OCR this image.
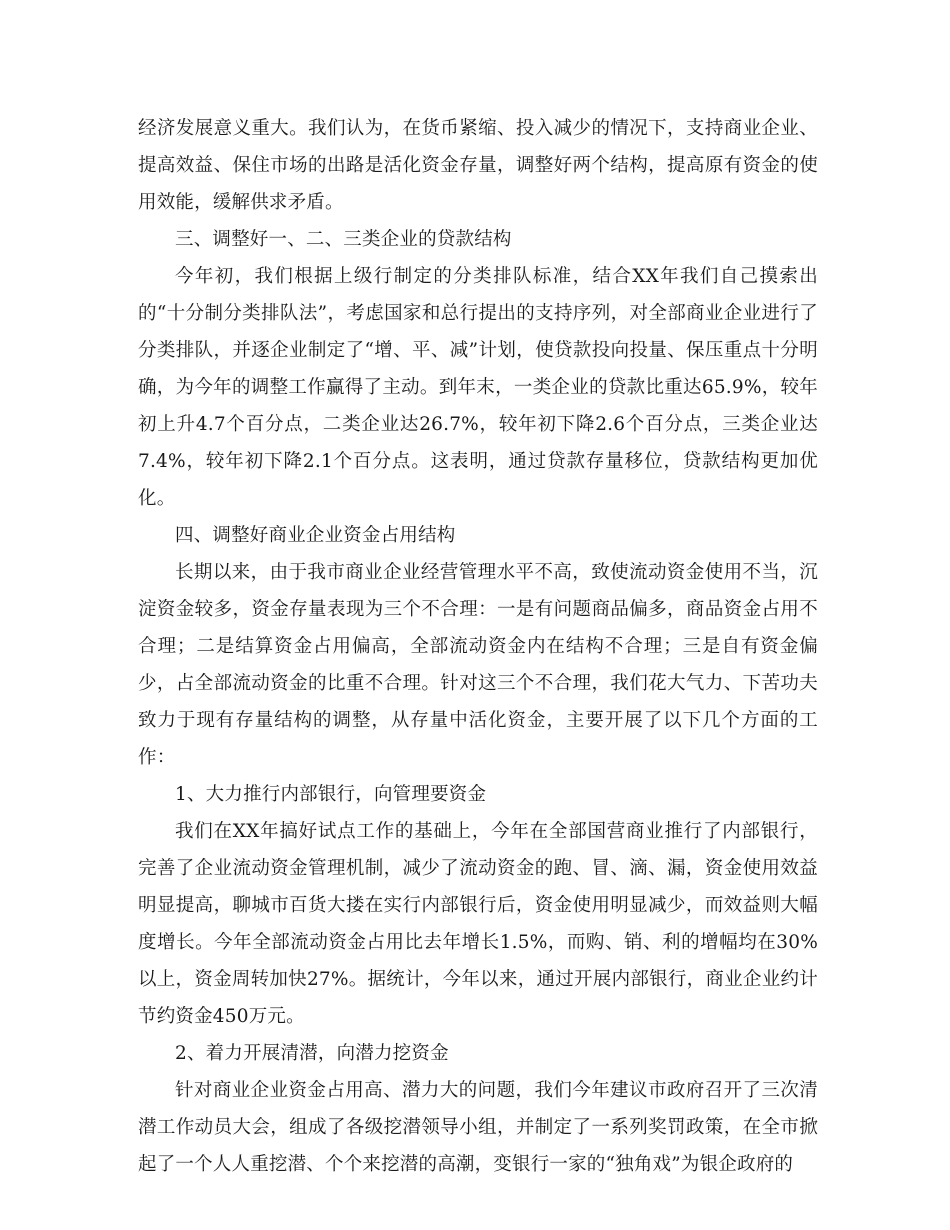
经济发展意义重大。我们认为，在货币紧缩、投入减少的情况下，支持商业企业、提高效益、保住市场的出路是活化资金存量，调整好两个结构，提高原有资金的使用效能，缓解供求矛盾。

三、调整好一、二、三类企业的贷款结构

今年初，我们根据上级行制定的分类排队标准，结合XX年我们自己摸索出的“十分制分类排队法”，考虑国家和总行提出的支持序列，对全部商业企业进行了分类排队，并逐企业制定了“增、平、减”计划，使贷款投向投量、保压重点十分明确，为今年的调整工作赢得了主动。到年末，一类企业的贷款比重达65.9%，较年初上升4.7个百分点，二类企业达26.7%，较年初下降2.6个百分点，三类企业达7.4%，较年初下降2.1个百分点。这表明，通过贷款存量移位，贷款结构更加优化。

四、调整好商业企业资金占用结构

长期以来，由于我市商业企业经营管理水平不高，致使流动资金使用不当，沉淀资金较多，资金存量表现为三个不合理：一是有问题商品偏多，商品资金占用不合理；二是结算资金占用偏高，全部流动资金内在结构不合理；三是自有资金偏少，占全部流动资金的比重不合理。针对这三个不合理，我们花大气力、下苦功夫致力于现有存量结构的调整，从存量中活化资金，主要开展了以下几个方面的工作：

1、大力推行内部银行，向管理要资金

我们在XX年搞好试点工作的基础上，今年在全部国营商业推行了内部银行，完善了企业流动资金管理机制，减少了流动资金的跑、冒、滴、漏，资金使用效益明显提高，聊城市百货大搂在实行内部银行后，资金使用明显减少，而效益则大幅度增长。今年全部流动资金占用比去年增长1.5%，而购、销、利的增幅均在30%以上，资金周转加快27%。据统计，今年以来，通过开展内部银行，商业企业约计节约资金450万元。

2、着力开展清潜，向潜力挖资金

针对商业企业资金占用高、潜力大的问题，我们今年建议市政府召开了三次清潜工作动员大会，组成了各级挖潜领导小组，并制定了一系列奖罚政策，在全市掀起了一个人人重挖潜、个个来挖潜的高潮，变银行一家的“独角戏”为银企政府的
